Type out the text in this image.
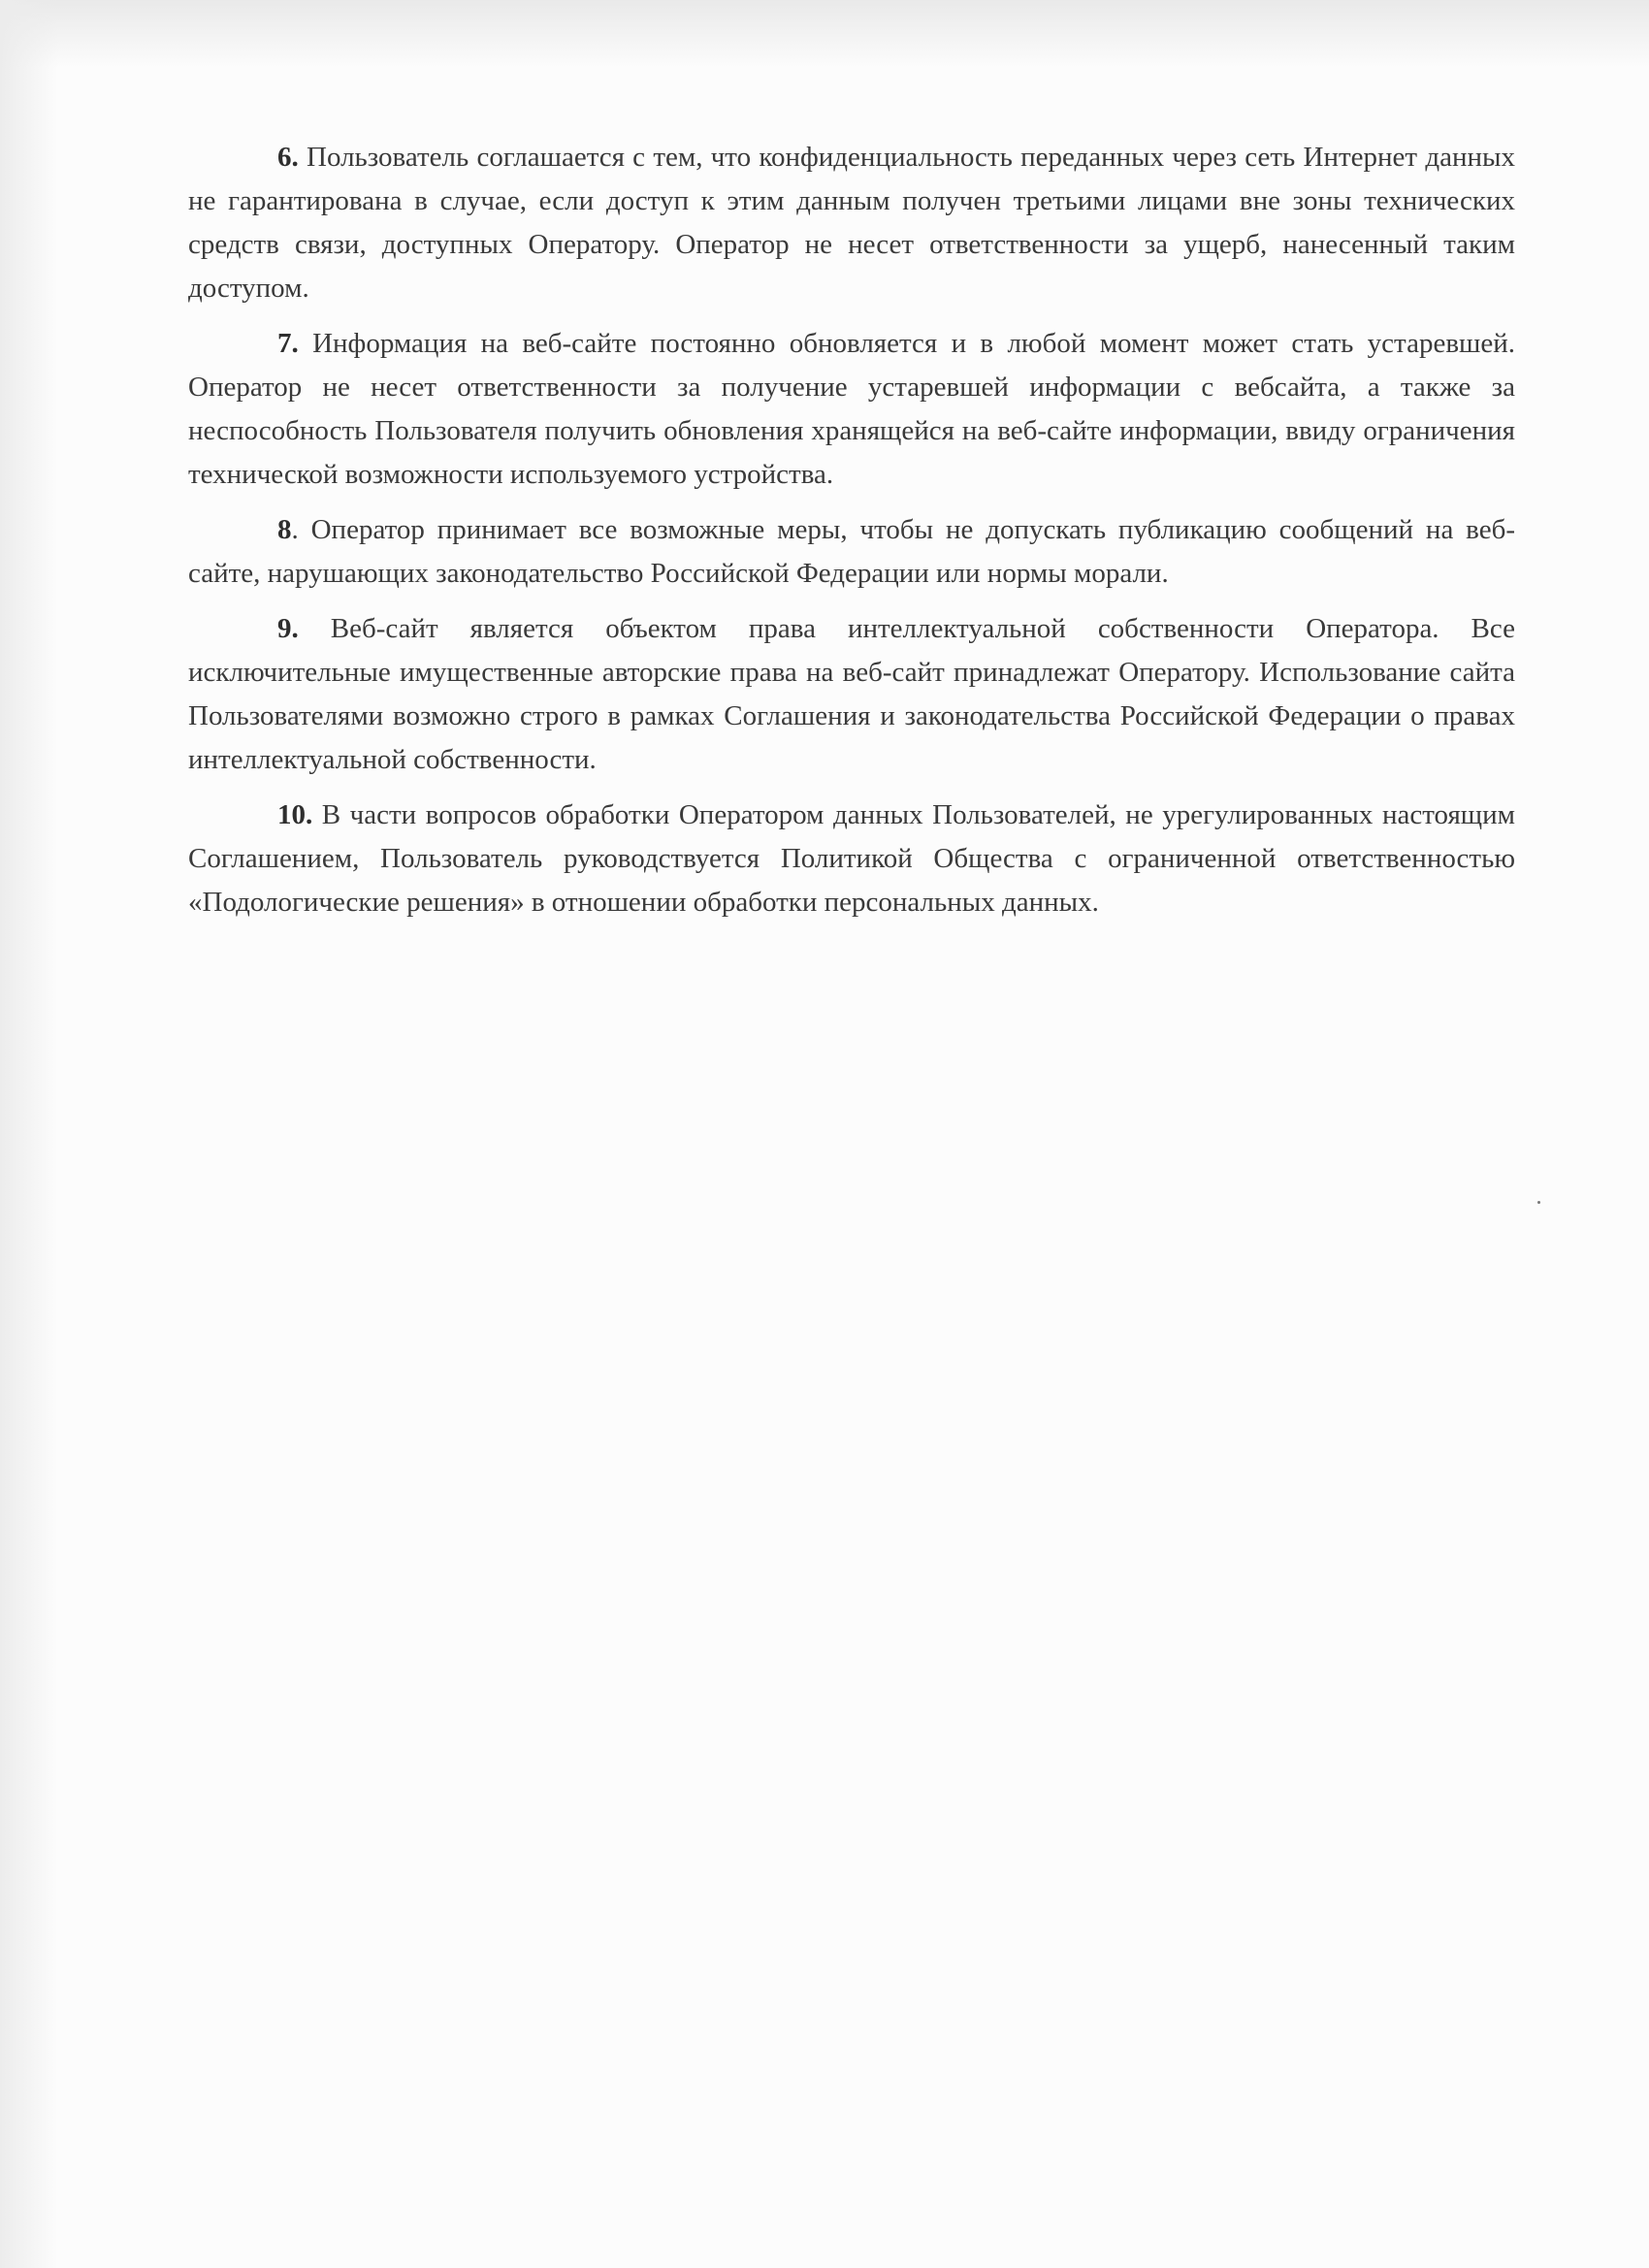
6. Пользователь соглашается с тем, что конфиденциальность переданных через сеть Интернет данных не гарантирована в случае, если доступ к этим данным получен третьими лицами вне зоны технических средств связи, доступных Оператору. Оператор не несет ответственности за ущерб, нанесенный таким доступом.

7. Информация на веб-сайте постоянно обновляется и в любой момент может стать устаревшей. Оператор не несет ответственности за получение устаревшей информации с вебсайта, а также за неспособность Пользователя получить обновления хранящейся на веб-сайте информации, ввиду ограничения технической возможности используемого устройства.

8. Оператор принимает все возможные меры, чтобы не допускать публикацию сообщений на веб-сайте, нарушающих законодательство Российской Федерации или нормы морали.

9. Веб-сайт является объектом права интеллектуальной собственности Оператора. Все исключительные имущественные авторские права на веб-сайт принадлежат Оператору. Использование сайта Пользователями возможно строго в рамках Соглашения и законодательства Российской Федерации о правах интеллектуальной собственности.

10. В части вопросов обработки Оператором данных Пользователей, не урегулированных настоящим Соглашением, Пользователь руководствуется Политикой Общества с ограниченной ответственностью «Подологические решения» в отношении обработки персональных данных.
